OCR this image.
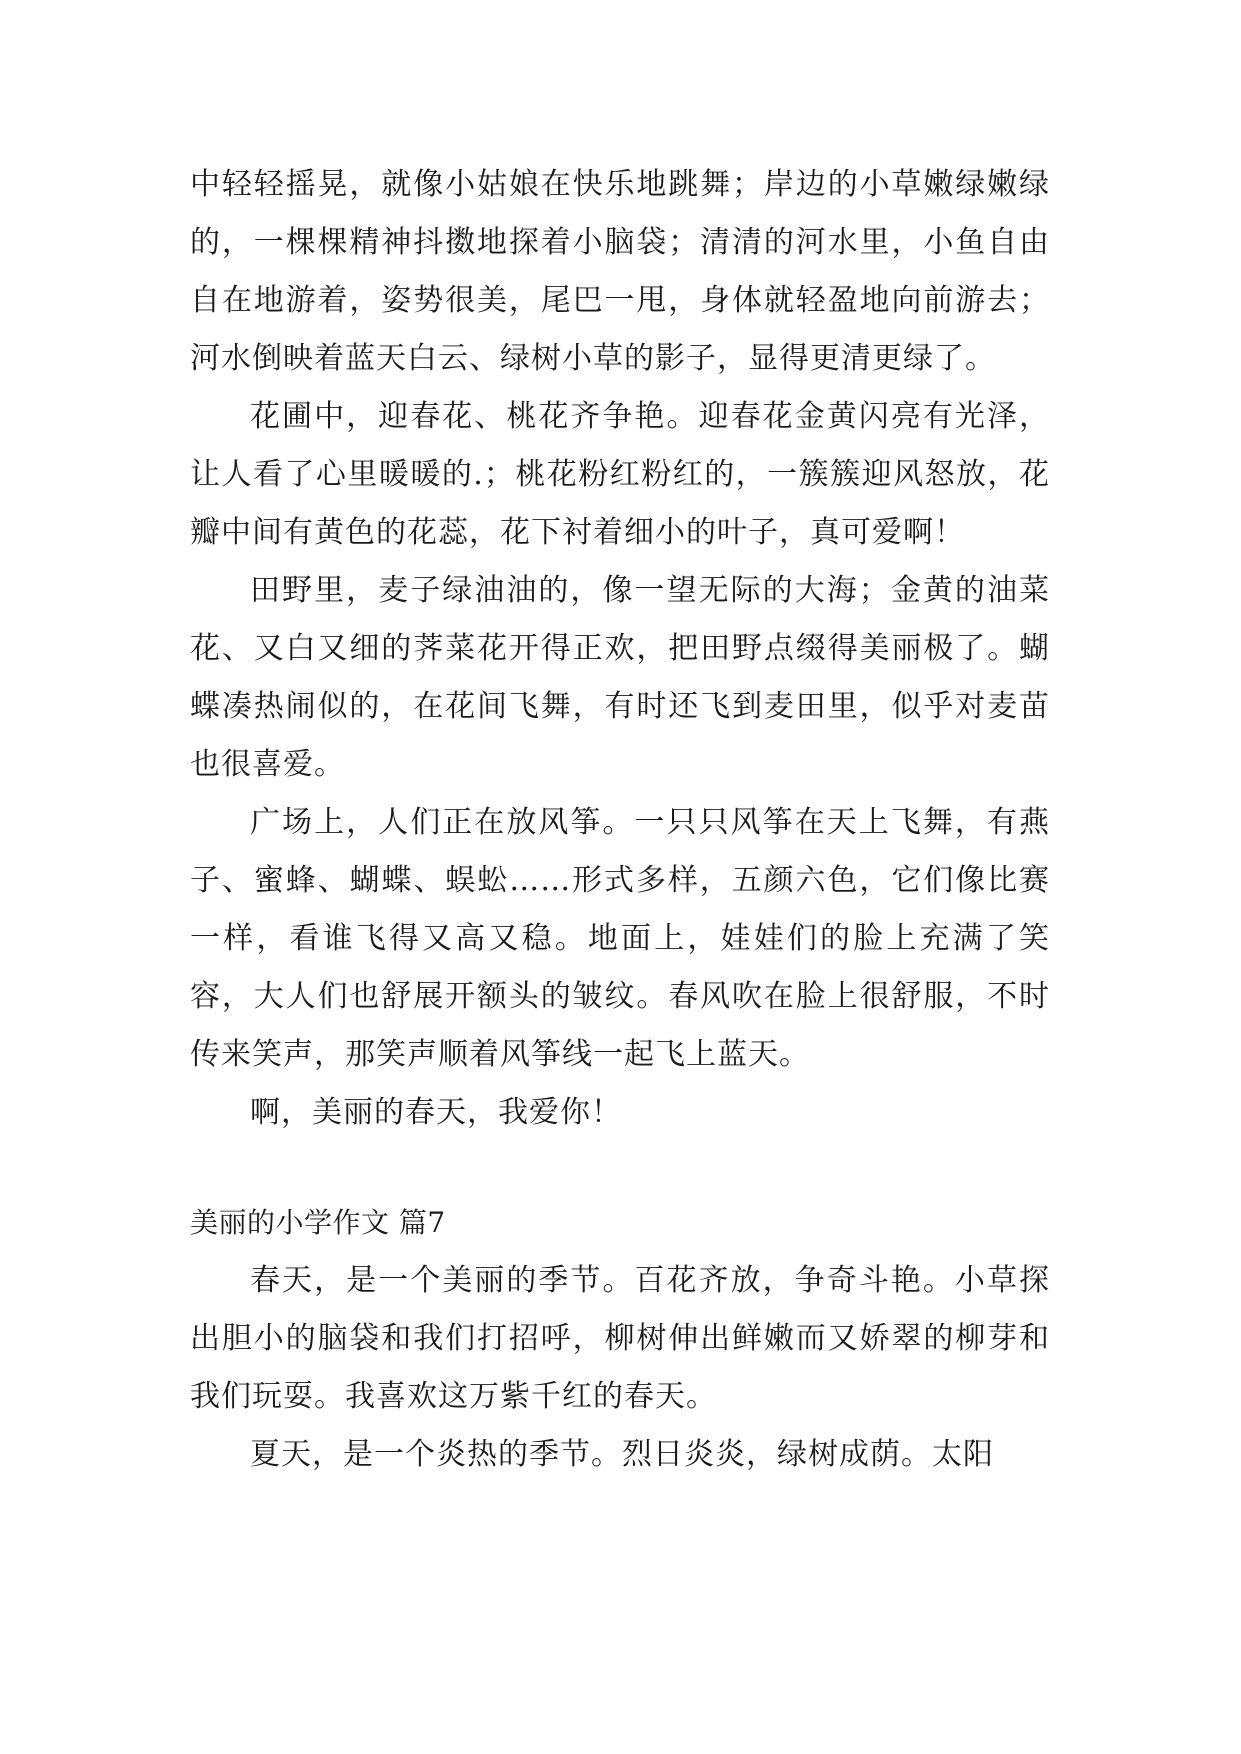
中轻轻摇晃，就像小姑娘在快乐地跳舞；岸边的小草嫩绿嫩绿的，一棵棵精神抖擞地探着小脑袋；清清的河水里，小鱼自由自在地游着，姿势很美，尾巴一甩，身体就轻盈地向前游去；河水倒映着蓝天白云、绿树小草的影子，显得更清更绿了。

花圃中，迎春花、桃花齐争艳。迎春花金黄闪亮有光泽，让人看了心里暖暖的.；桃花粉红粉红的，一簇簇迎风怒放，花瓣中间有黄色的花蕊，花下衬着细小的叶子，真可爱啊！

田野里，麦子绿油油的，像一望无际的大海；金黄的油菜花、又白又细的荠菜花开得正欢，把田野点缀得美丽极了。蝴蝶凑热闹似的，在花间飞舞，有时还飞到麦田里，似乎对麦苗也很喜爱。

广场上，人们正在放风筝。一只只风筝在天上飞舞，有燕子、蜜蜂、蝴蝶、蜈蚣……形式多样，五颜六色，它们像比赛一样，看谁飞得又高又稳。地面上，娃娃们的脸上充满了笑容，大人们也舒展开额头的皱纹。春风吹在脸上很舒服，不时传来笑声，那笑声顺着风筝线一起飞上蓝天。

啊，美丽的春天，我爱你！

美丽的小学作文 篇7

春天，是一个美丽的季节。百花齐放，争奇斗艳。小草探出胆小的脑袋和我们打招呼，柳树伸出鲜嫩而又娇翠的柳芽和我们玩耍。我喜欢这万紫千红的春天。

夏天，是一个炎热的季节。烈日炎炎，绿树成荫。太阳
